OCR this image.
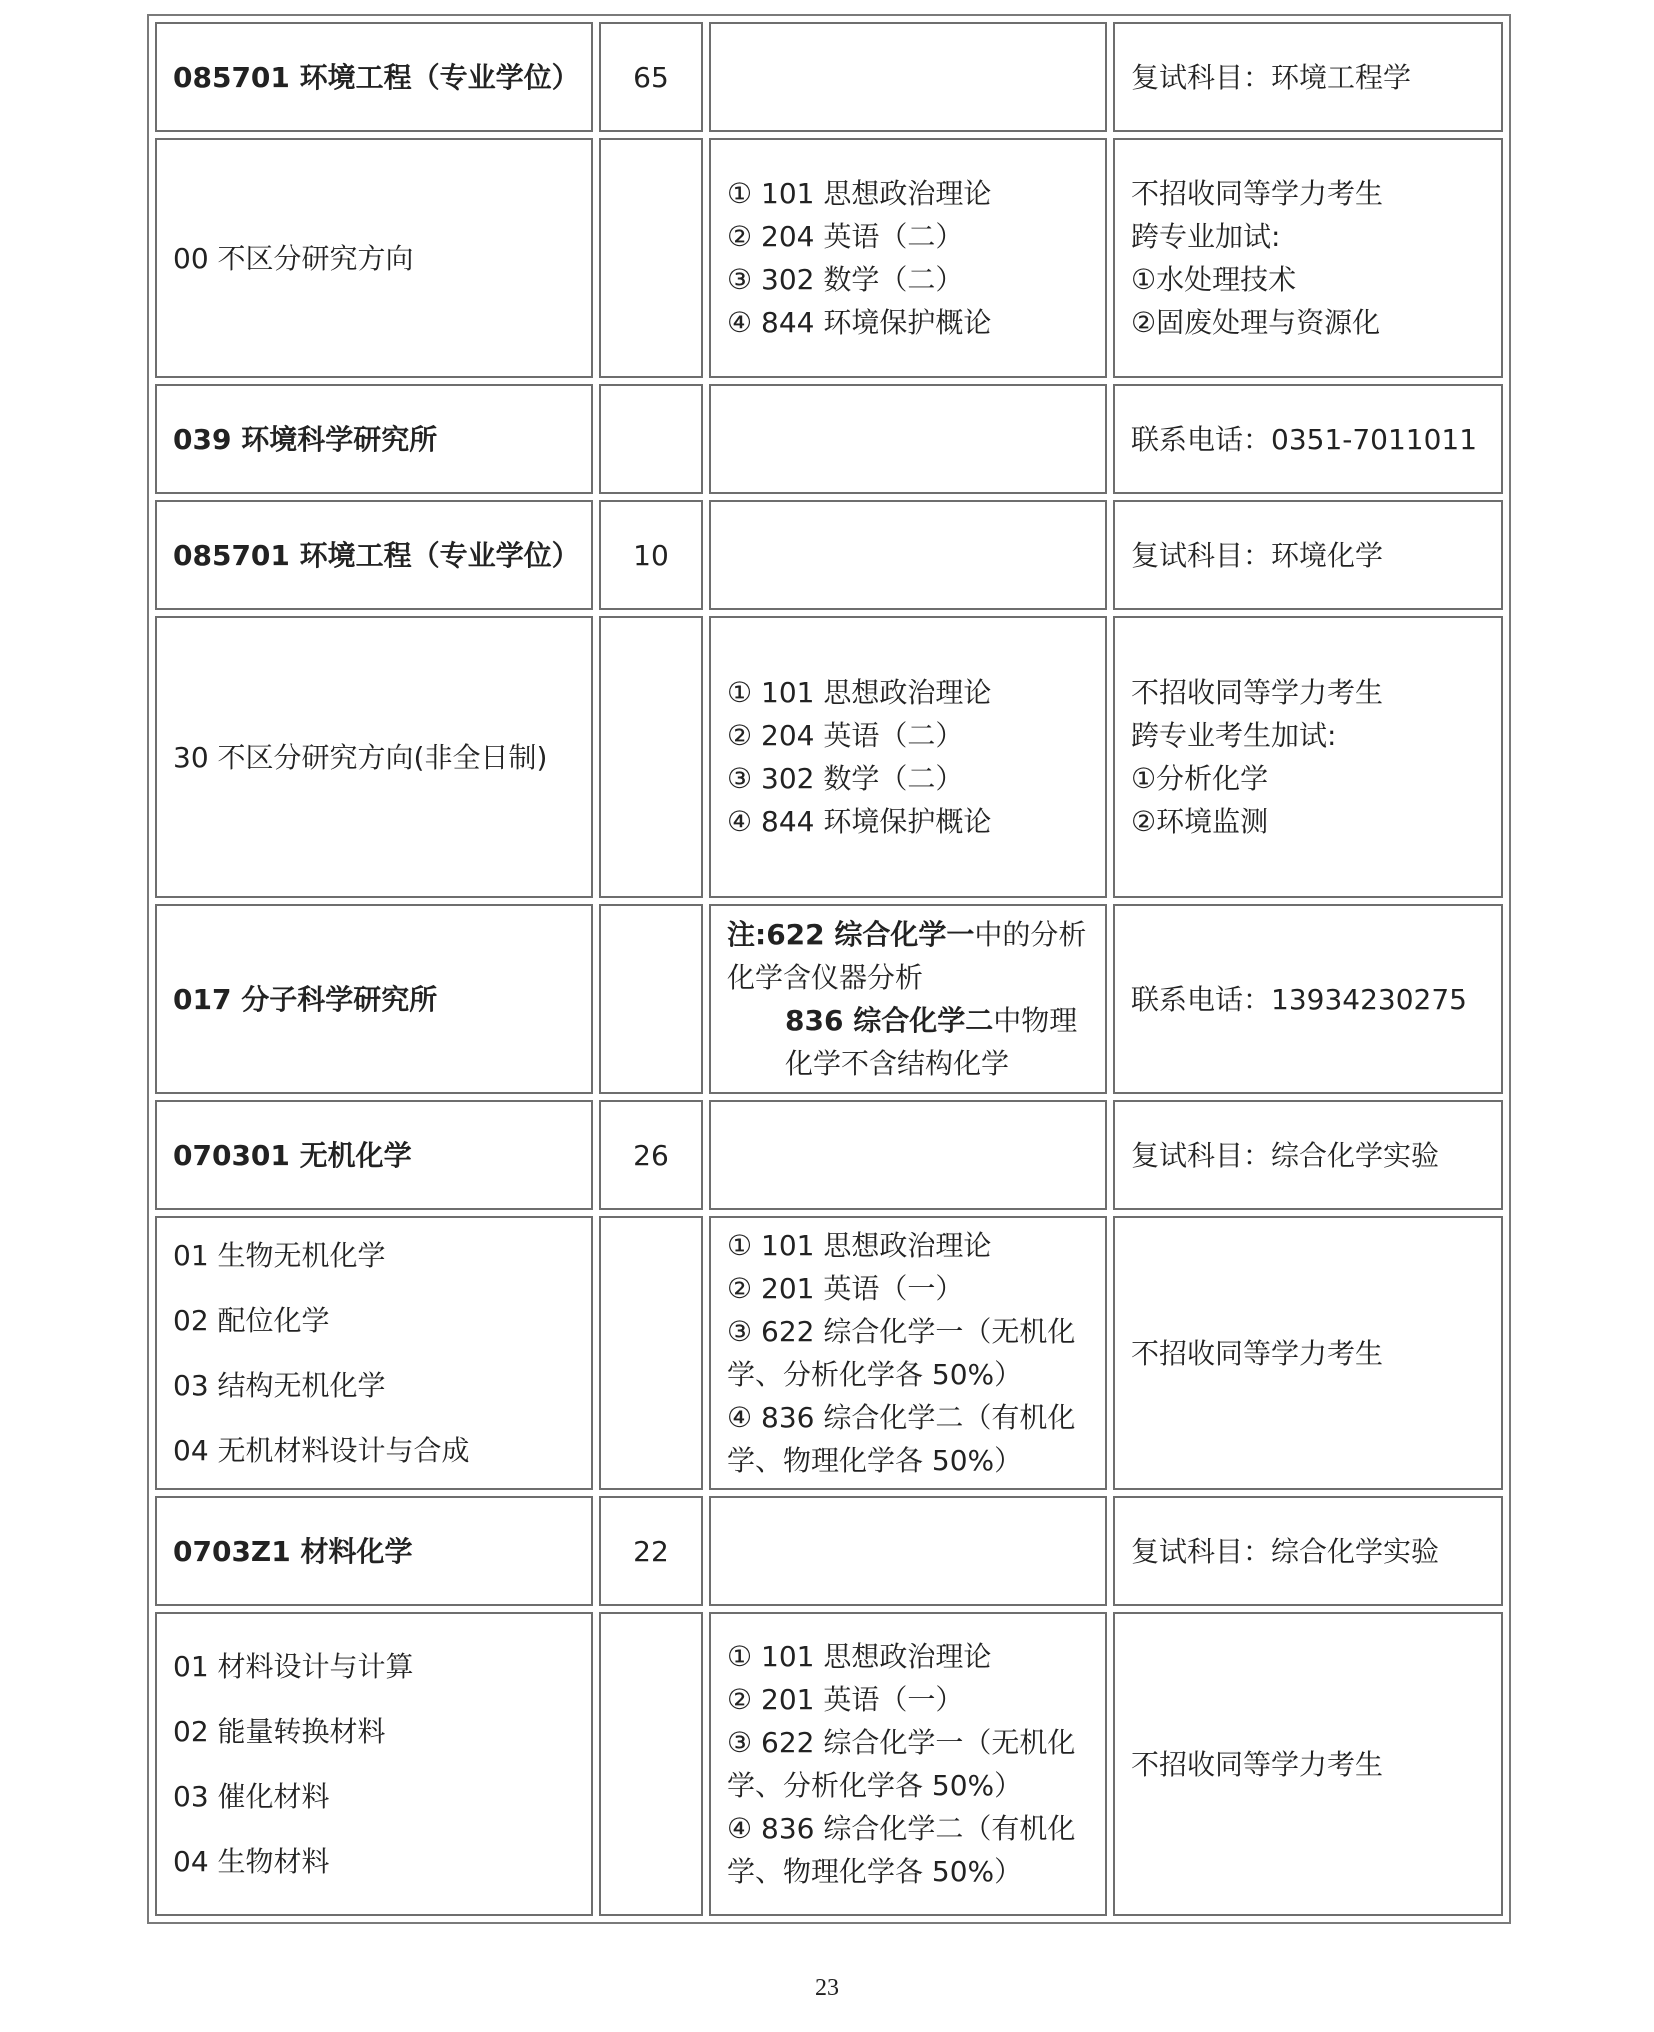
085701 环境工程（专业学位）	65		复试科目：环境工程学

00 不区分研究方向		① 101 思想政治理论
② 204 英语（二）
③ 302 数学（二）
④ 844 环境保护概论	不招收同等学力考生
跨专业加试:
①水处理技术
②固废处理与资源化

039 环境科学研究所			联系电话：0351-7011011

085701 环境工程（专业学位）	10		复试科目：环境化学

30 不区分研究方向(非全日制)		① 101 思想政治理论
② 204 英语（二）
③ 302 数学（二）
④ 844 环境保护概论	不招收同等学力考生
跨专业考生加试:
①分析化学
②环境监测

017 分子科学研究所		注:622 综合化学一中的分析化学含仪器分析
836 综合化学二中物理化学不含结构化学	联系电话：13934230275

070301 无机化学	26		复试科目：综合化学实验

01 生物无机化学
02 配位化学
03 结构无机化学
04 无机材料设计与合成		① 101 思想政治理论
② 201 英语（一）
③ 622 综合化学一（无机化学、分析化学各 50%）
④ 836 综合化学二（有机化学、物理化学各 50%）	不招收同等学力考生

0703Z1 材料化学	22		复试科目：综合化学实验

01 材料设计与计算
02 能量转换材料
03 催化材料
04 生物材料		① 101 思想政治理论
② 201 英语（一）
③ 622 综合化学一（无机化学、分析化学各 50%）
④ 836 综合化学二（有机化学、物理化学各 50%）	不招收同等学力考生
23
